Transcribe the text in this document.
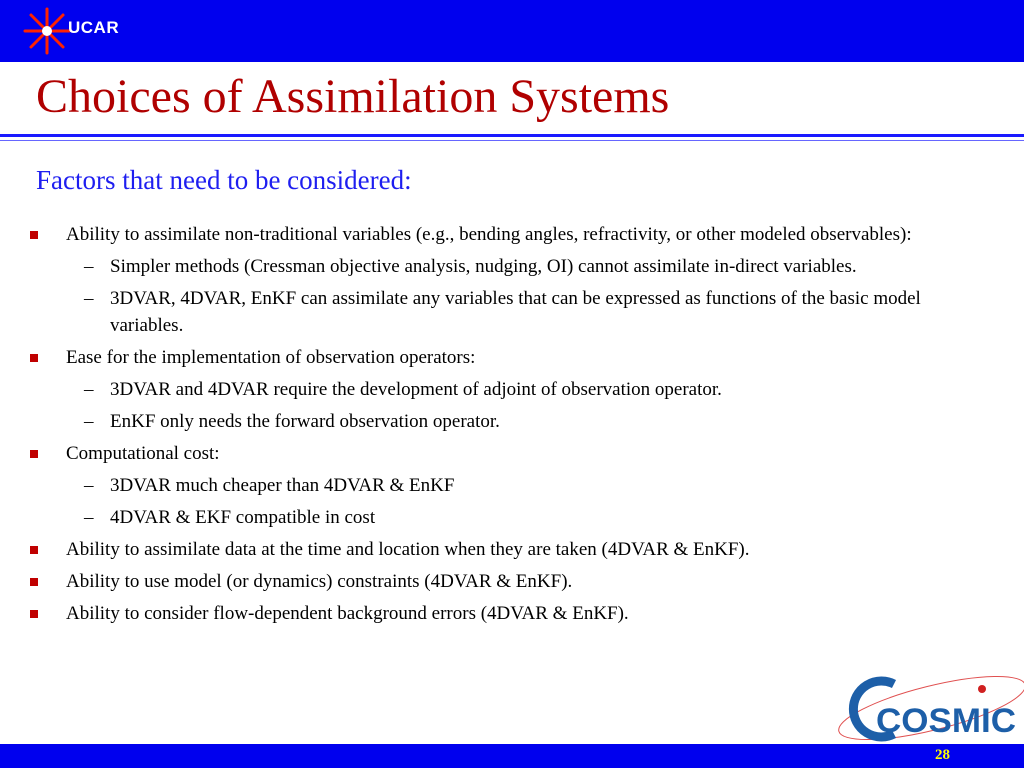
UCAR
Choices of Assimilation Systems
Factors that need to be considered:
Ability to assimilate non-traditional variables (e.g., bending angles, refractivity, or other modeled observables):
– Simpler methods (Cressman objective analysis, nudging, OI) cannot assimilate in-direct variables.
– 3DVAR, 4DVAR, EnKF can assimilate any variables that can be expressed as functions of the basic model variables.
Ease for the implementation of observation operators:
– 3DVAR and 4DVAR require the development of adjoint of observation operator.
– EnKF only needs the forward observation operator.
Computational cost:
– 3DVAR much cheaper than 4DVAR & EnKF
– 4DVAR & EKF compatible in cost
Ability to assimilate data at the time and location when they are taken (4DVAR & EnKF).
Ability to use model (or dynamics) constraints (4DVAR & EnKF).
Ability to consider flow-dependent background errors (4DVAR & EnKF).
COSMIC
28
